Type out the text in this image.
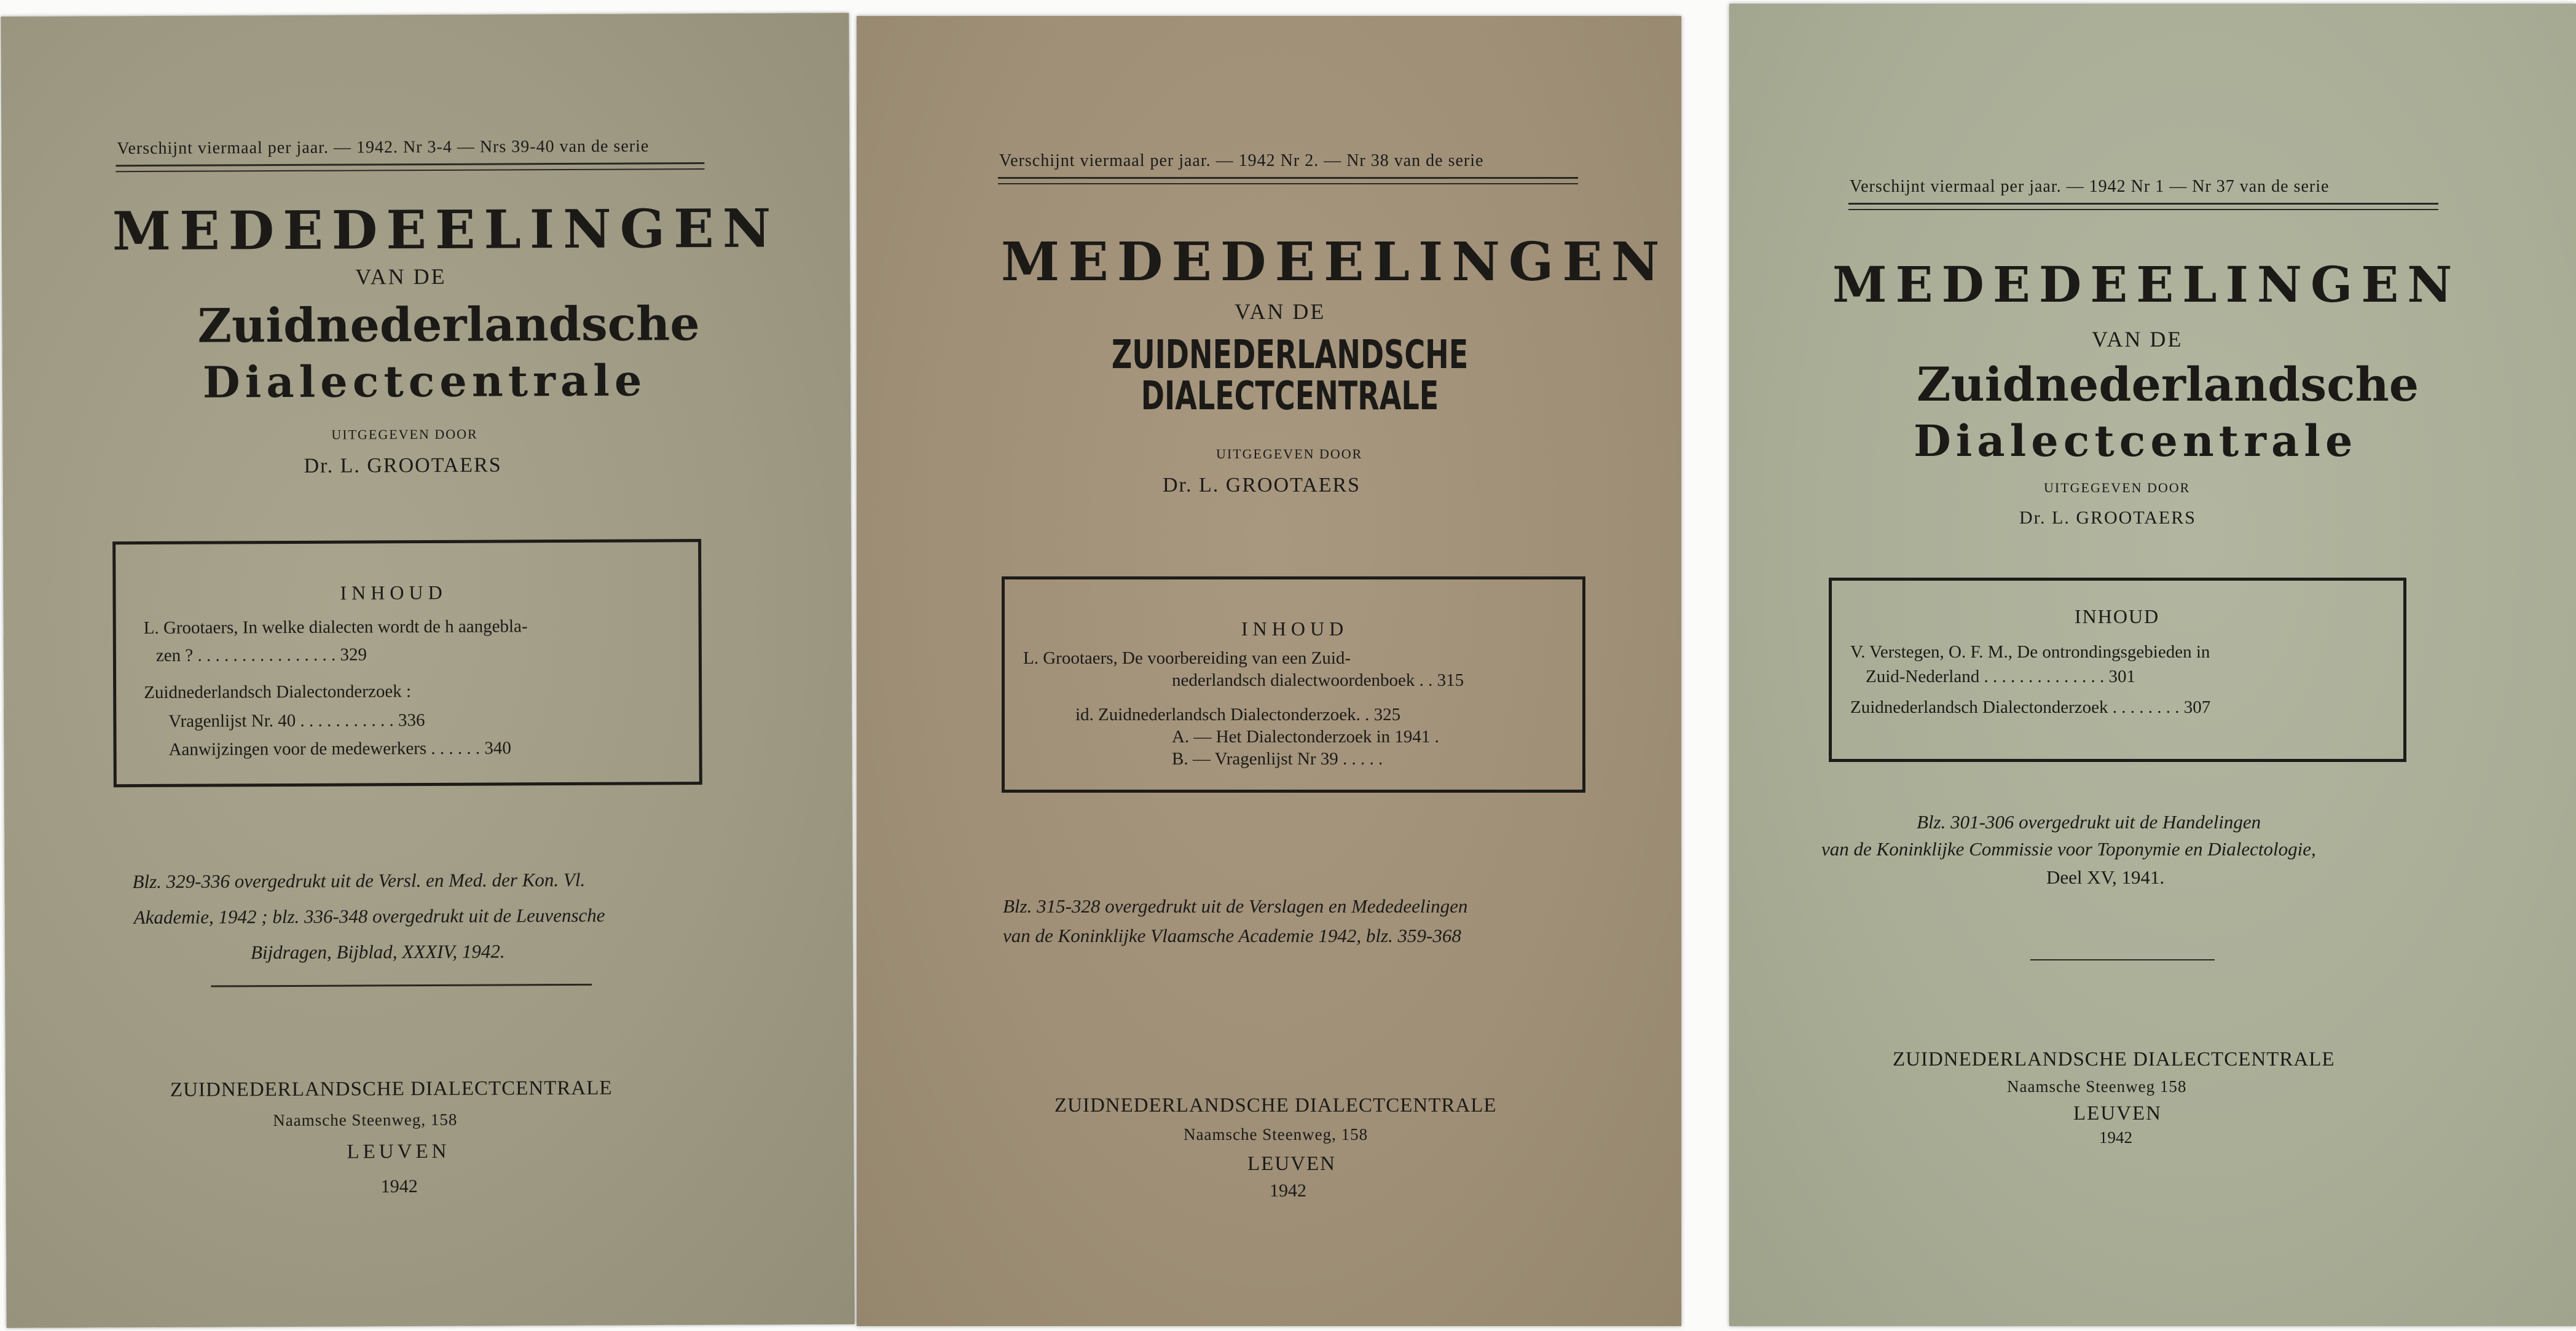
Verschijnt viermaal per jaar. — 1942. Nr 3-4 — Nrs 39-40 van de serie
MEDEDEELINGEN
VAN DE
Zuidnederlandsche
Dialectcentrale
UITGEGEVEN DOOR
Dr. L. GROOTAERS
INHOUD
L. Grootaers, In welke dialecten wordt de h aangebla-
zen ? . . . . . . . . . . . . . . . . 329
Zuidnederlandsch Dialectonderzoek :
Vragenlijst Nr. 40 . . . . . . . . . . . 336
Aanwijzingen voor de medewerkers . . . . . . 340
Blz. 329-336 overgedrukt uit de Versl. en Med. der Kon. Vl.
Akademie, 1942 ; blz. 336-348 overgedrukt uit de Leuvensche
Bijdragen, Bijblad, XXXIV, 1942.
ZUIDNEDERLANDSCHE DIALECTCENTRALE
Naamsche Steenweg, 158
LEUVEN
1942
Verschijnt viermaal per jaar. — 1942 Nr 2. — Nr 38 van de serie
MEDEDEELINGEN
VAN DE
ZUIDNEDERLANDSCHE
DIALECTCENTRALE
UITGEGEVEN DOOR
Dr. L. GROOTAERS
INHOUD
L. Grootaers, De voorbereiding van een Zuid-
nederlandsch dialectwoordenboek . . 315
id. Zuidnederlandsch Dialectonderzoek. . 325
A. — Het Dialectonderzoek in 1941 .
B. — Vragenlijst Nr 39 . . . . .
Blz. 315-328 overgedrukt uit de Verslagen en Mededeelingen
van de Koninklijke Vlaamsche Academie 1942, blz. 359-368
ZUIDNEDERLANDSCHE DIALECTCENTRALE
Naamsche Steenweg, 158
LEUVEN
1942
Verschijnt viermaal per jaar. — 1942 Nr 1 — Nr 37 van de serie
MEDEDEELINGEN
VAN DE
Zuidnederlandsche
Dialectcentrale
UITGEGEVEN DOOR
Dr. L. GROOTAERS
INHOUD
V. Verstegen, O. F. M., De ontrondingsgebieden in
Zuid-Nederland . . . . . . . . . . . . . . 301
Zuidnederlandsch Dialectonderzoek . . . . . . . . 307
Blz. 301-306 overgedrukt uit de Handelingen
van de Koninklijke Commissie voor Toponymie en Dialectologie,
Deel XV, 1941.
ZUIDNEDERLANDSCHE DIALECTCENTRALE
Naamsche Steenweg 158
LEUVEN
1942
